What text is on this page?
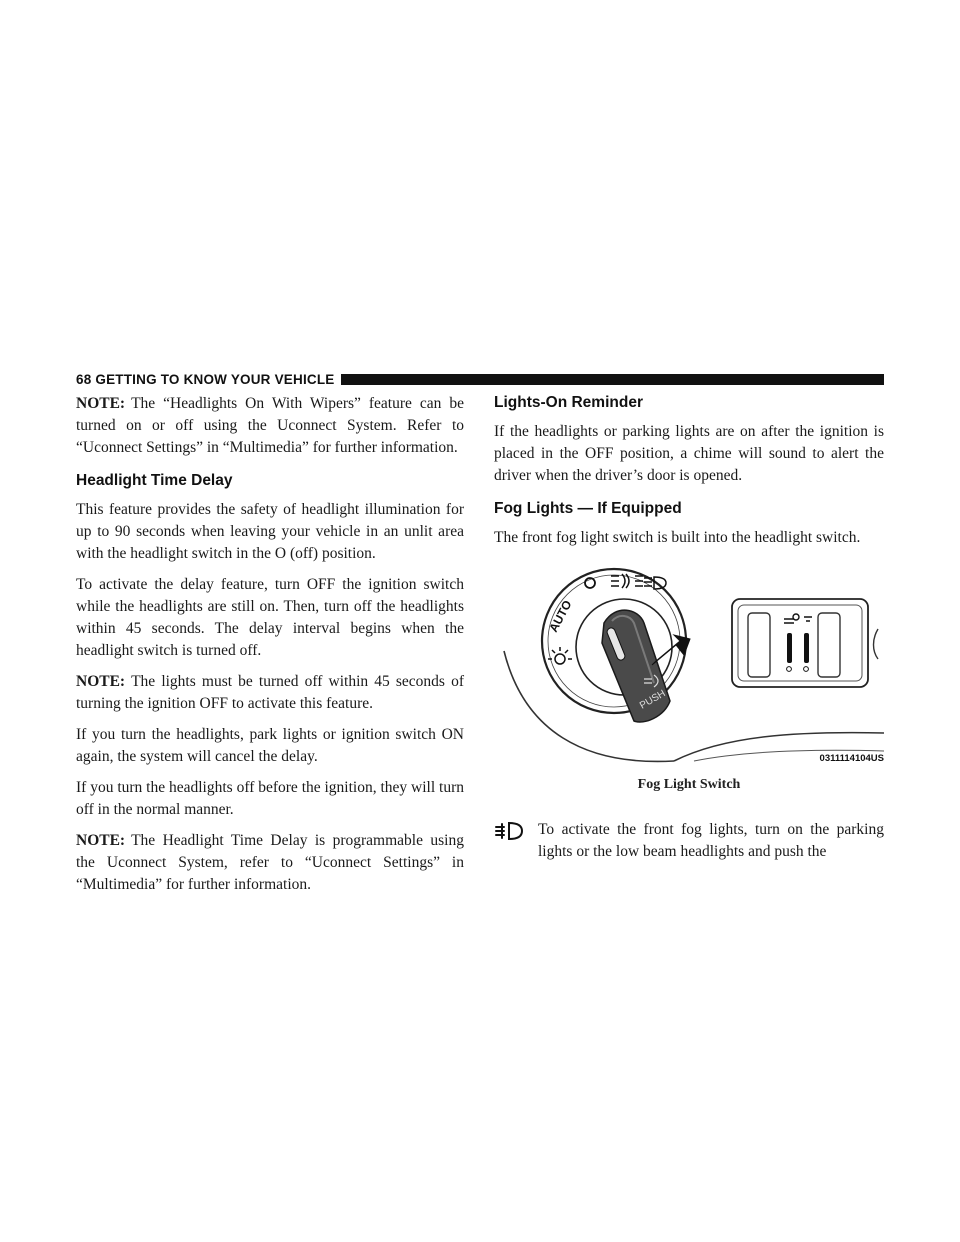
68 GETTING TO KNOW YOUR VEHICLE

NOTE: The “Headlights On With Wipers” feature can be turned on or off using the Uconnect System. Refer to “Uconnect Settings” in “Multimedia” for further information.

Headlight Time Delay

This feature provides the safety of headlight illumination for up to 90 seconds when leaving your vehicle in an unlit area with the headlight switch in the O (off) position.

To activate the delay feature, turn OFF the ignition switch while the headlights are still on. Then, turn off the headlights within 45 seconds. The delay interval begins when the headlight switch is turned off.

NOTE: The lights must be turned off within 45 seconds of turning the ignition OFF to activate this feature.

If you turn the headlights, park lights or ignition switch ON again, the system will cancel the delay.

If you turn the headlights off before the ignition, they will turn off in the normal manner.

NOTE: The Headlight Time Delay is programmable using the Uconnect System, refer to “Uconnect Settings” in “Multimedia” for further information.

Lights-On Reminder

If the headlights or parking lights are on after the ignition is placed in the OFF position, a chime will sound to alert the driver when the driver’s door is opened.

Fog Lights — If Equipped

The front fog light switch is built into the headlight switch.

AUTO
PUSH
0311114104US
Fog Light Switch

To activate the front fog lights, turn on the parking lights or the low beam headlights and push the
